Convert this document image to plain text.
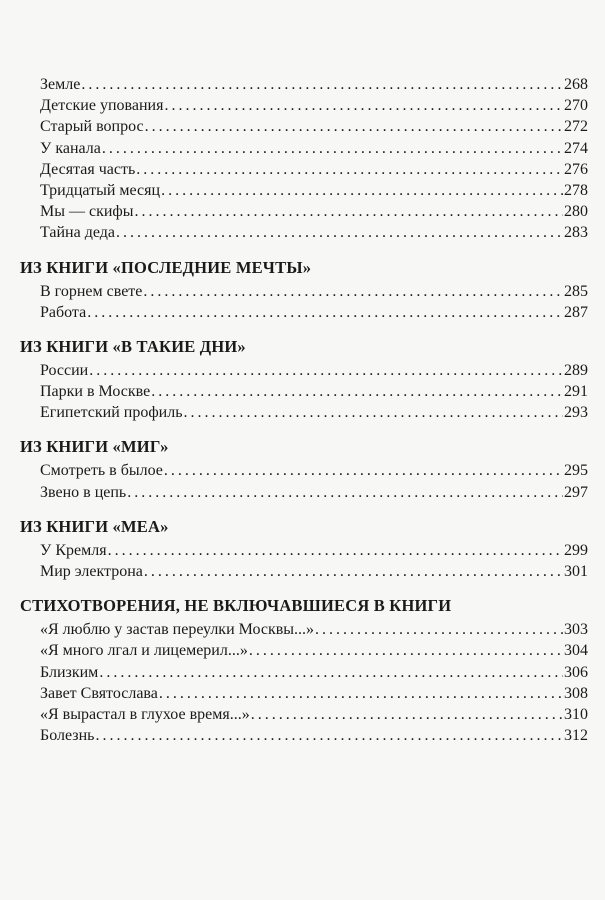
Земле . . .	268
Детские упования . . .	270
Старый вопрос . . .	272
У канала . . .	274
Десятая часть . . .	276
Тридцатый месяц . . .	278
Мы — скифы . . .	280
Тайна деда . . .	283
ИЗ КНИГИ «ПОСЛЕДНИЕ МЕЧТЫ»
В горнем свете . . .	285
Работа . . .	287
ИЗ КНИГИ «В ТАКИЕ ДНИ»
России . . .	289
Парки в Москве . . .	291
Египетский профиль . . .	293
ИЗ КНИГИ «МИГ»
Смотреть в былое . . .	295
Звено в цепь . . .	297
ИЗ КНИГИ «МЕА»
У Кремля . . .	299
Мир электрона . . .	301
СТИХОТВОРЕНИЯ, НЕ ВКЛЮЧАВШИЕСЯ В КНИГИ
«Я люблю у застав переулки Москвы...» . . .	303
«Я много лгал и лицемерил...» . . .	304
Близким . . .	306
Завет Святослава . . .	308
«Я вырастал в глухое время...» . . .	310
Болезнь . . .	312
